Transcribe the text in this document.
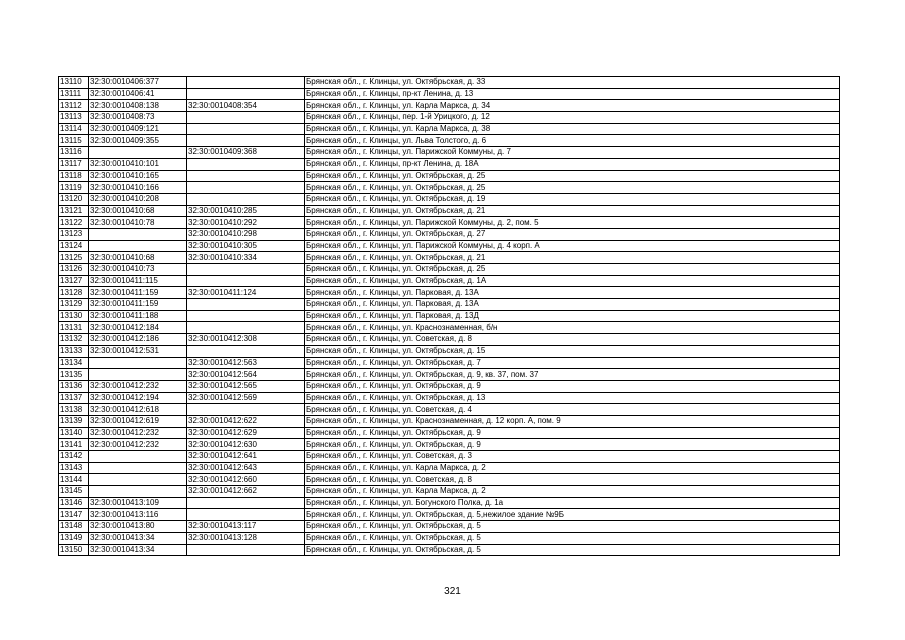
13110	32:30:0010406:377		Брянская обл., г. Клинцы, ул. Октябрьская, д. 33
13111	32:30:0010406:41		Брянская обл., г. Клинцы, пр-кт Ленина, д. 13
13112	32:30:0010408:138	32:30:0010408:354	Брянская обл., г. Клинцы, ул. Карла Маркса, д. 34
13113	32:30:0010408:73		Брянская обл., г. Клинцы, пер. 1-й Урицкого, д. 12
13114	32:30:0010409:121		Брянская обл., г. Клинцы, ул. Карла Маркса, д. 38
13115	32:30:0010409:355		Брянская обл., г. Клинцы, ул. Льва Толстого, д. 6
13116		32:30:0010409:368	Брянская обл., г. Клинцы, ул. Парижской Коммуны, д. 7
13117	32:30:0010410:101		Брянская обл., г. Клинцы, пр-кт Ленина, д. 18А
13118	32:30:0010410:165		Брянская обл., г. Клинцы, ул. Октябрьская, д. 25
13119	32:30:0010410:166		Брянская обл., г. Клинцы, ул. Октябрьская, д. 25
13120	32:30:0010410:208		Брянская обл., г. Клинцы, ул. Октябрьская, д. 19
13121	32:30:0010410:68	32:30:0010410:285	Брянская обл., г. Клинцы, ул. Октябрьская, д. 21
13122	32:30:0010410:78	32:30:0010410:292	Брянская обл., г. Клинцы, ул. Парижской Коммуны, д. 2, пом. 5
13123		32:30:0010410:298	Брянская обл., г. Клинцы, ул. Октябрьская, д. 27
13124		32:30:0010410:305	Брянская обл., г. Клинцы, ул. Парижской Коммуны, д. 4 корп. А
13125	32:30:0010410:68	32:30:0010410:334	Брянская обл., г. Клинцы, ул. Октябрьская, д. 21
13126	32:30:0010410:73		Брянская обл., г. Клинцы, ул. Октябрьская, д. 25
13127	32:30:0010411:115		Брянская обл., г. Клинцы, ул. Октябрьская, д. 1А
13128	32:30:0010411:159	32:30:0010411:124	Брянская обл., г. Клинцы, ул. Парковая, д. 13А
13129	32:30:0010411:159		Брянская обл., г. Клинцы, ул. Парковая, д. 13А
13130	32:30:0010411:188		Брянская обл., г. Клинцы, ул. Парковая, д. 13Д
13131	32:30:0010412:184		Брянская обл., г. Клинцы, ул. Краснознаменная, б/н
13132	32:30:0010412:186	32:30:0010412:308	Брянская обл., г. Клинцы, ул. Советская, д. 8
13133	32:30:0010412:531		Брянская обл., г. Клинцы, ул. Октябрьская, д. 15
13134		32:30:0010412:563	Брянская обл., г. Клинцы, ул. Октябрьская, д. 7
13135		32:30:0010412:564	Брянская обл., г. Клинцы, ул. Октябрьская, д. 9, кв. 37, пом. 37
13136	32:30:0010412:232	32:30:0010412:565	Брянская обл., г. Клинцы, ул. Октябрьская, д. 9
13137	32:30:0010412:194	32:30:0010412:569	Брянская обл., г. Клинцы, ул. Октябрьская, д. 13
13138	32:30:0010412:618		Брянская обл., г. Клинцы, ул. Советская, д. 4
13139	32:30:0010412:619	32:30:0010412:622	Брянская обл., г. Клинцы, ул. Краснознаменная, д. 12 корп. А, пом. 9
13140	32:30:0010412:232	32:30:0010412:629	Брянская обл., г. Клинцы, ул. Октябрьская, д. 9
13141	32:30:0010412:232	32:30:0010412:630	Брянская обл., г. Клинцы, ул. Октябрьская, д. 9
13142		32:30:0010412:641	Брянская обл., г. Клинцы, ул. Советская, д. 3
13143		32:30:0010412:643	Брянская обл., г. Клинцы, ул. Карла Маркса, д. 2
13144		32:30:0010412:660	Брянская обл., г. Клинцы, ул. Советская, д. 8
13145		32:30:0010412:662	Брянская обл., г. Клинцы, ул. Карла Маркса, д. 2
13146	32:30:0010413:109		Брянская обл., г. Клинцы, ул. Богунского Полка, д. 1а
13147	32:30:0010413:116		Брянская обл., г. Клинцы, ул. Октябрьская, д. 5,нежилое здание №9Б
13148	32:30:0010413:80	32:30:0010413:117	Брянская обл., г. Клинцы, ул. Октябрьская, д. 5
13149	32:30:0010413:34	32:30:0010413:128	Брянская обл., г. Клинцы, ул. Октябрьская, д. 5
13150	32:30:0010413:34		Брянская обл., г. Клинцы, ул. Октябрьская, д. 5
321
